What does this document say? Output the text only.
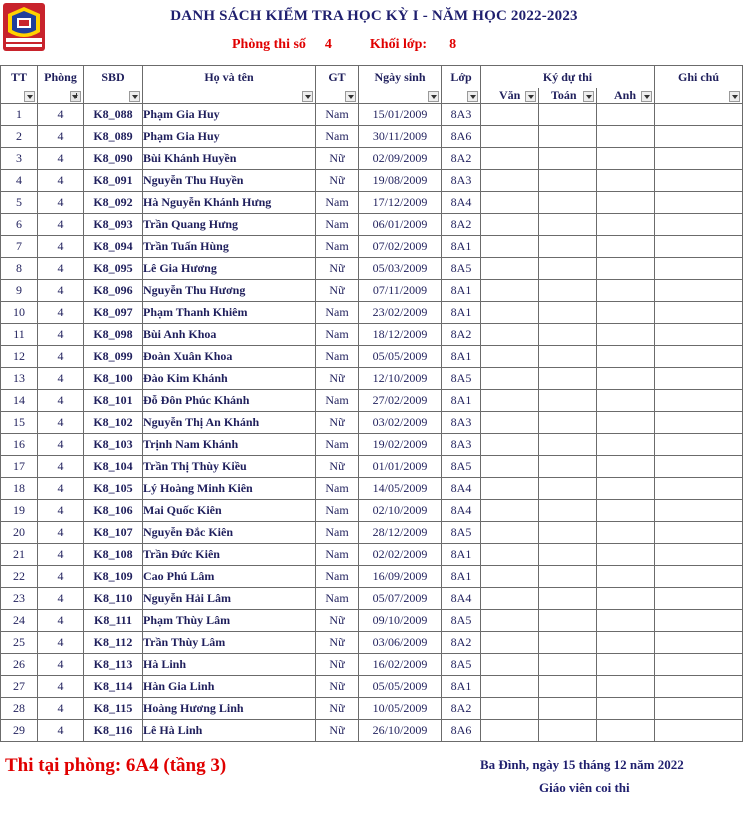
DANH SÁCH KIỂM TRA HỌC KỲ I - NĂM HỌC 2022-2023
Phòng thi số 4	Khối lớp: 8
TT	Phòng	SBD	Họ và tên	GT	Ngày sinh	Lớp	Ký dự thi			Ghi chú

							Văn	Toán	Anh	

1	4	K8_088	Phạm Gia Huy	Nam	15/01/2009	8A3				
2	4	K8_089	Phạm Gia Huy	Nam	30/11/2009	8A6				
3	4	K8_090	Bùi Khánh Huyền	Nữ	02/09/2009	8A2				
4	4	K8_091	Nguyễn Thu Huyền	Nữ	19/08/2009	8A3				
5	4	K8_092	Hà Nguyễn Khánh Hưng	Nam	17/12/2009	8A4				
6	4	K8_093	Trần Quang Hưng	Nam	06/01/2009	8A2				
7	4	K8_094	Trần Tuấn Hùng	Nam	07/02/2009	8A1				
8	4	K8_095	Lê Gia Hương	Nữ	05/03/2009	8A5				
9	4	K8_096	Nguyễn Thu Hương	Nữ	07/11/2009	8A1				
10	4	K8_097	Phạm Thanh Khiêm	Nam	23/02/2009	8A1				
11	4	K8_098	Bùi Anh Khoa	Nam	18/12/2009	8A2				
12	4	K8_099	Đoàn Xuân Khoa	Nam	05/05/2009	8A1				
13	4	K8_100	Đào Kim Khánh	Nữ	12/10/2009	8A5				
14	4	K8_101	Đỗ Đôn Phúc Khánh	Nam	27/02/2009	8A1				
15	4	K8_102	Nguyễn Thị An Khánh	Nữ	03/02/2009	8A3				
16	4	K8_103	Trịnh Nam Khánh	Nam	19/02/2009	8A3				
17	4	K8_104	Trần Thị Thùy Kiều	Nữ	01/01/2009	8A5				
18	4	K8_105	Lý Hoàng Minh Kiên	Nam	14/05/2009	8A4				
19	4	K8_106	Mai Quốc Kiên	Nam	02/10/2009	8A4				
20	4	K8_107	Nguyễn Đắc Kiên	Nam	28/12/2009	8A5				
21	4	K8_108	Trần Đức Kiên	Nam	02/02/2009	8A1				
22	4	K8_109	Cao Phú Lâm	Nam	16/09/2009	8A1				
23	4	K8_110	Nguyễn Hải Lâm	Nam	05/07/2009	8A4				
24	4	K8_111	Phạm Thùy Lâm	Nữ	09/10/2009	8A5				
25	4	K8_112	Trần Thùy Lâm	Nữ	03/06/2009	8A2				
26	4	K8_113	Hà Linh	Nữ	16/02/2009	8A5				
27	4	K8_114	Hàn Gia Linh	Nữ	05/05/2009	8A1				
28	4	K8_115	Hoàng Hương Linh	Nữ	10/05/2009	8A2				
29	4	K8_116	Lê Hà Linh	Nữ	26/10/2009	8A6				
Thi tại phòng: 6A4 (tầng 3)	Ba Đình, ngày 15 tháng 12 năm 2022
Giáo viên coi thi
